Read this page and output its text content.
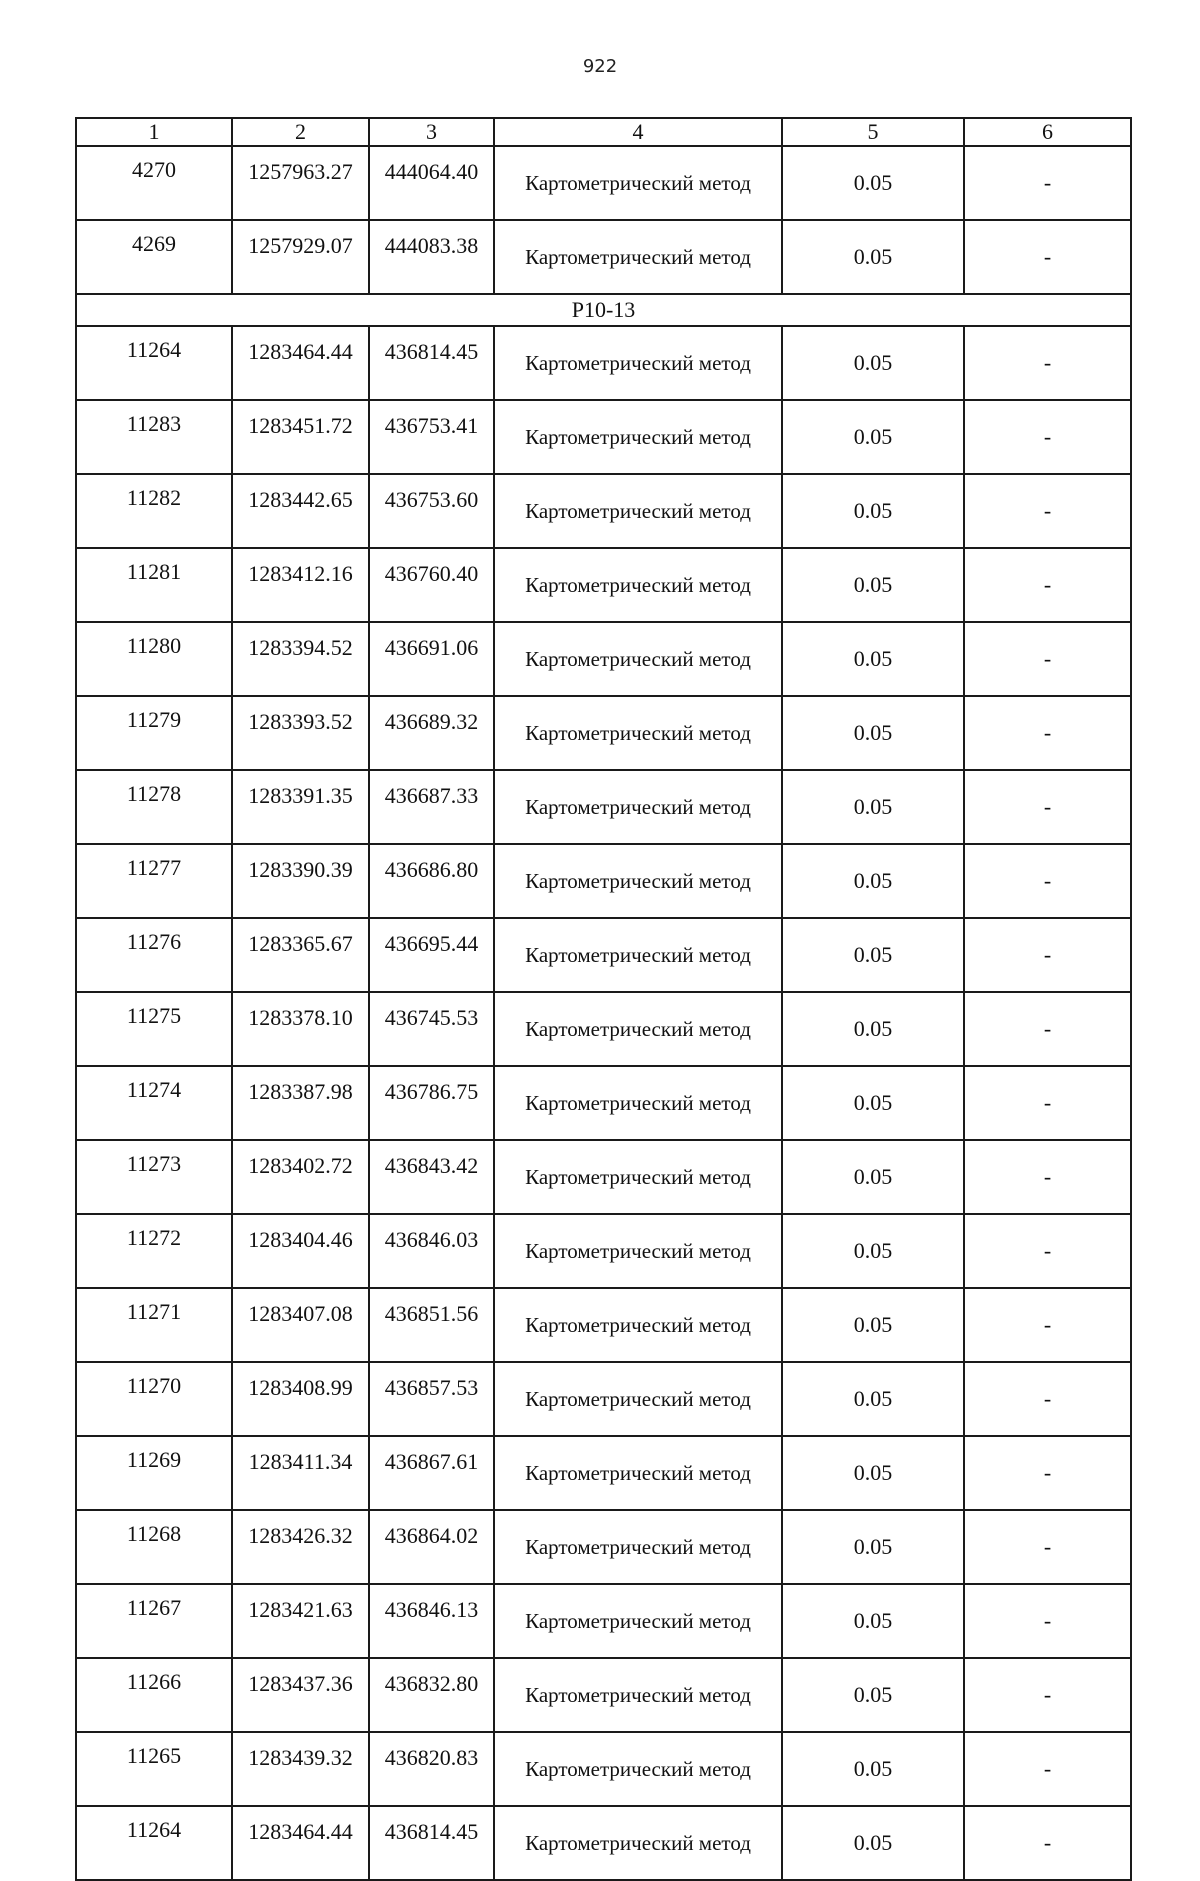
922
1	2	3	4	5	6
4270	1257963.27	444064.40	Картометрический метод	0.05	-
4269	1257929.07	444083.38	Картометрический метод	0.05	-
Р10-13					
11264	1283464.44	436814.45	Картометрический метод	0.05	-
11283	1283451.72	436753.41	Картометрический метод	0.05	-
11282	1283442.65	436753.60	Картометрический метод	0.05	-
11281	1283412.16	436760.40	Картометрический метод	0.05	-
11280	1283394.52	436691.06	Картометрический метод	0.05	-
11279	1283393.52	436689.32	Картометрический метод	0.05	-
11278	1283391.35	436687.33	Картометрический метод	0.05	-
11277	1283390.39	436686.80	Картометрический метод	0.05	-
11276	1283365.67	436695.44	Картометрический метод	0.05	-
11275	1283378.10	436745.53	Картометрический метод	0.05	-
11274	1283387.98	436786.75	Картометрический метод	0.05	-
11273	1283402.72	436843.42	Картометрический метод	0.05	-
11272	1283404.46	436846.03	Картометрический метод	0.05	-
11271	1283407.08	436851.56	Картометрический метод	0.05	-
11270	1283408.99	436857.53	Картометрический метод	0.05	-
11269	1283411.34	436867.61	Картометрический метод	0.05	-
11268	1283426.32	436864.02	Картометрический метод	0.05	-
11267	1283421.63	436846.13	Картометрический метод	0.05	-
11266	1283437.36	436832.80	Картометрический метод	0.05	-
11265	1283439.32	436820.83	Картометрический метод	0.05	-
11264	1283464.44	436814.45	Картометрический метод	0.05	-
